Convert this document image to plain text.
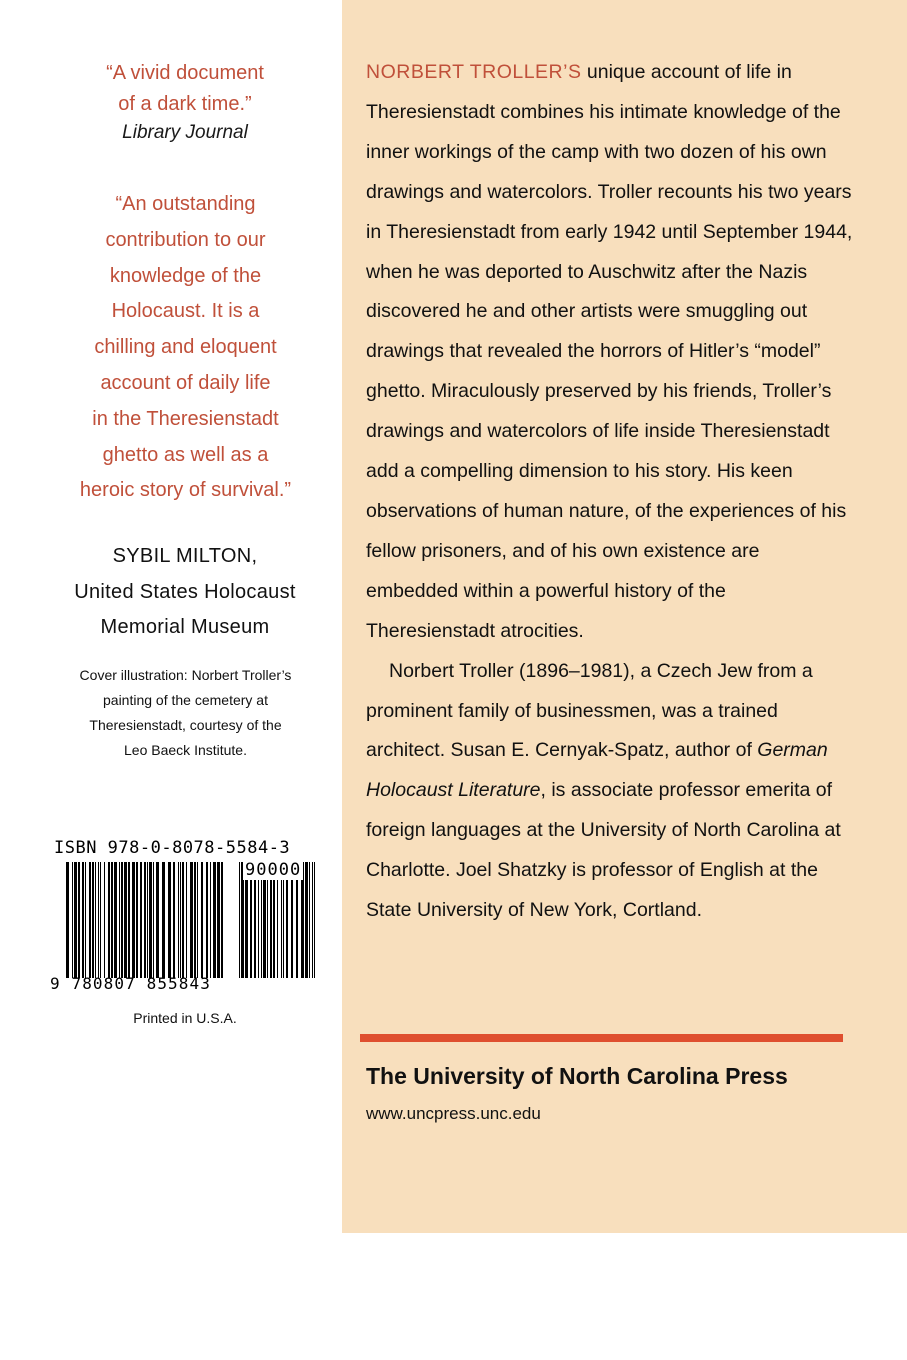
“A vivid document
of a dark time.”
Library Journal
“An outstanding
contribution to our
knowledge of the
Holocaust. It is a
chilling and eloquent
account of daily life
in the Theresienstadt
ghetto as well as a
heroic story of survival.”
SYBIL MILTON,
United States Holocaust
Memorial Museum
Cover illustration: Norbert Troller’s
painting of the cemetery at
Theresienstadt, courtesy of the
Leo Baeck Institute.
ISBN 978-0-8078-5584-3
90000
9 780807 855843
Printed in U.S.A.

NORBERT TROLLER’S unique account of life in Theresienstadt combines his intimate knowledge of the inner workings of the camp with two dozen of his own drawings and watercolors. Troller recounts his two years in Theresienstadt from early 1942 until September 1944, when he was deported to Auschwitz after the Nazis discovered he and other artists were smuggling out drawings that revealed the horrors of Hitler’s “model” ghetto. Miraculously preserved by his friends, Troller’s drawings and watercolors of life inside Theresienstadt add a compelling dimension to his story. His keen observations of human nature, of the experiences of his fellow prisoners, and of his own existence are embedded within a powerful history of the Theresienstadt atrocities.

Norbert Troller (1896–1981), a Czech Jew from a prominent family of businessmen, was a trained architect. Susan E. Cernyak-Spatz, author of German Holocaust Literature, is associate professor emerita of foreign languages at the University of North Carolina at Charlotte. Joel Shatzky is professor of English at the State University of New York, Cortland.

The University of North Carolina Press
www.uncpress.unc.edu
